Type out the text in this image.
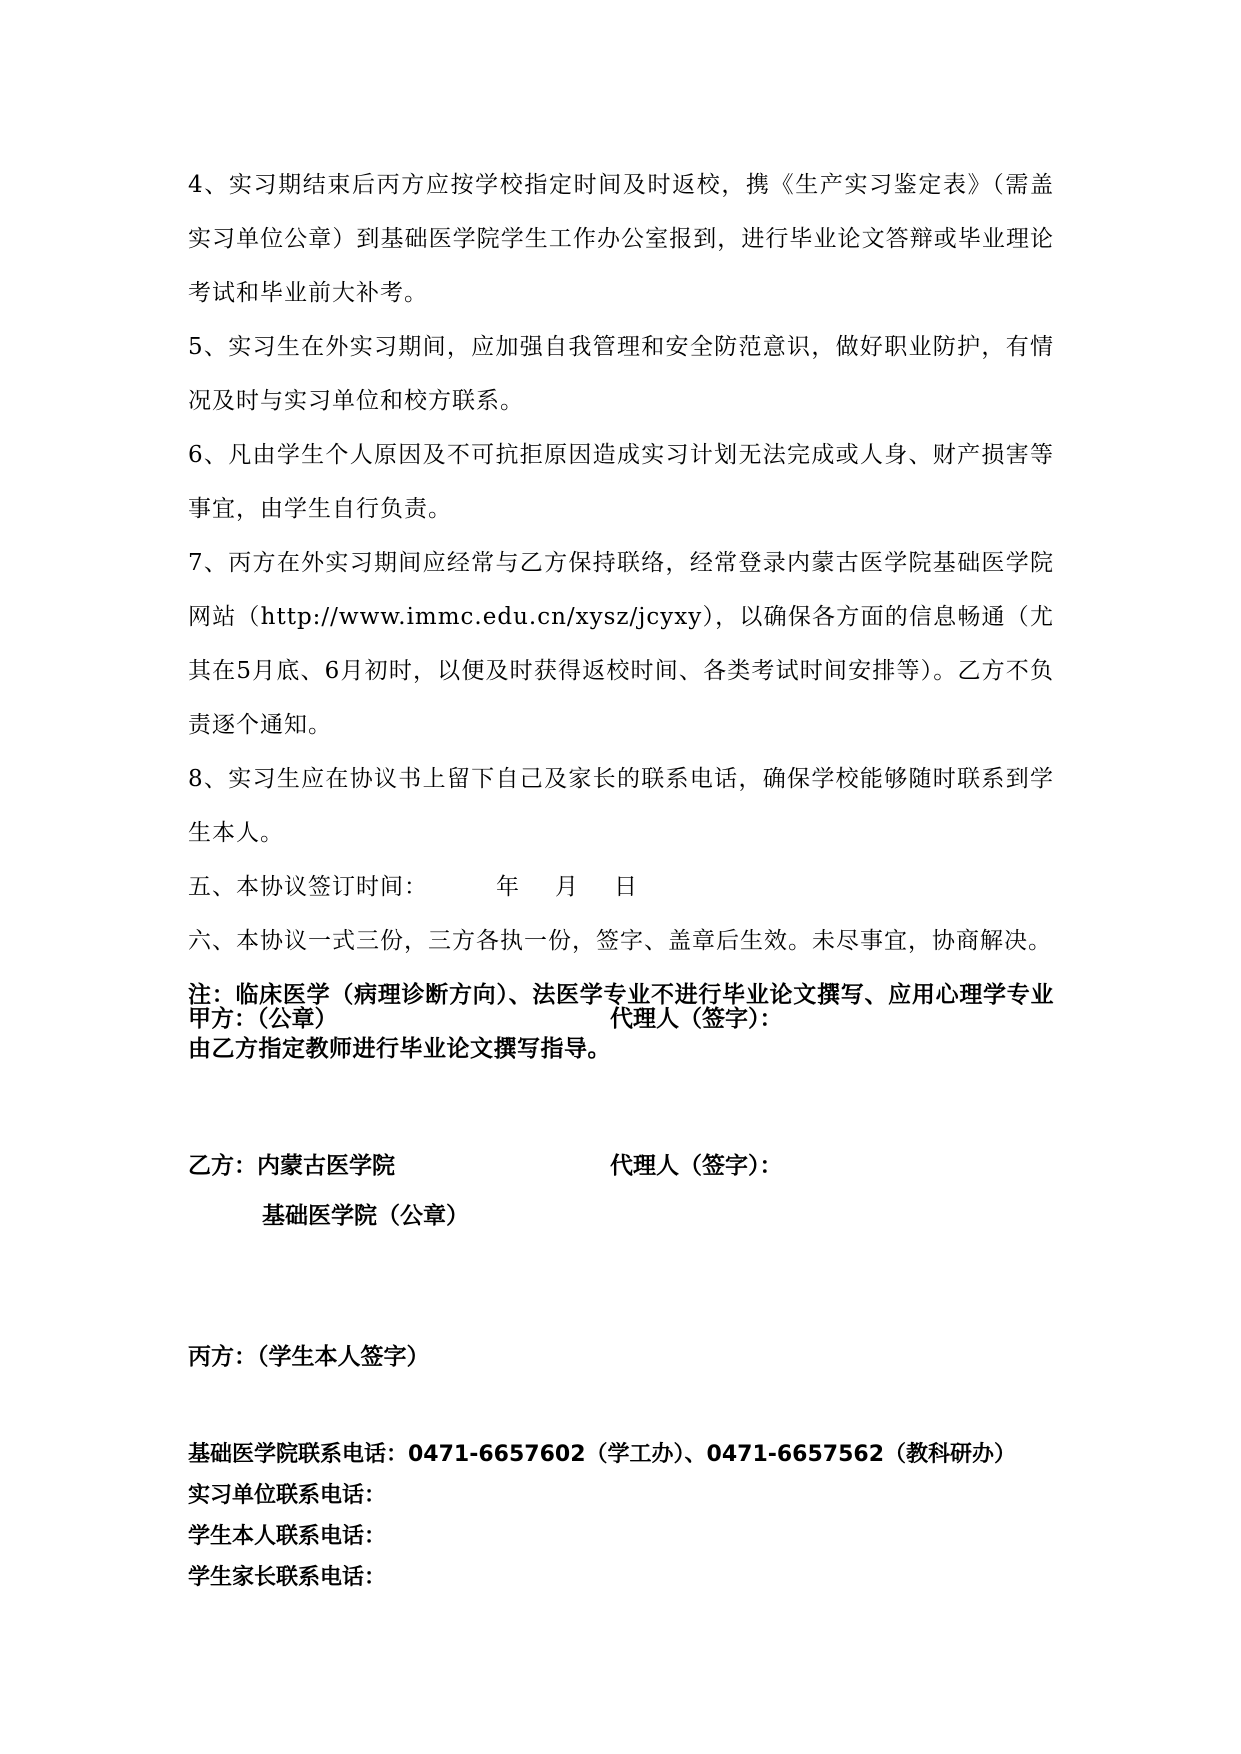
4、实习期结束后丙方应按学校指定时间及时返校，携《生产实习鉴定表》（需盖实习单位公章）到基础医学院学生工作办公室报到，进行毕业论文答辩或毕业理论考试和毕业前大补考。

5、实习生在外实习期间，应加强自我管理和安全防范意识，做好职业防护，有情况及时与实习单位和校方联系。

6、凡由学生个人原因及不可抗拒原因造成实习计划无法完成或人身、财产损害等事宜，由学生自行负责。

7、丙方在外实习期间应经常与乙方保持联络，经常登录内蒙古医学院基础医学院网站（http://www.immc.edu.cn/xysz/jcyxy），以确保各方面的信息畅通（尤其在5月底、6月初时，以便及时获得返校时间、各类考试时间安排等）。乙方不负责逐个通知。

8、实习生应在协议书上留下自己及家长的联系电话，确保学校能够随时联系到学生本人。

五、本协议签订时间：	年 月 日

六、本协议一式三份，三方各执一份，签字、盖章后生效。未尽事宜，协商解决。

注：临床医学（病理诊断方向）、法医学专业不进行毕业论文撰写、应用心理学专业由乙方指定教师进行毕业论文撰写指导。

甲方：（公章）	代理人（签字）：
乙方：内蒙古医学院
基础医学院（公章）
代理人（签字）：
丙方：（学生本人签字）
基础医学院联系电话：0471-6657602（学工办）、0471-6657562（教科研办）
实习单位联系电话：
学生本人联系电话：
学生家长联系电话：
